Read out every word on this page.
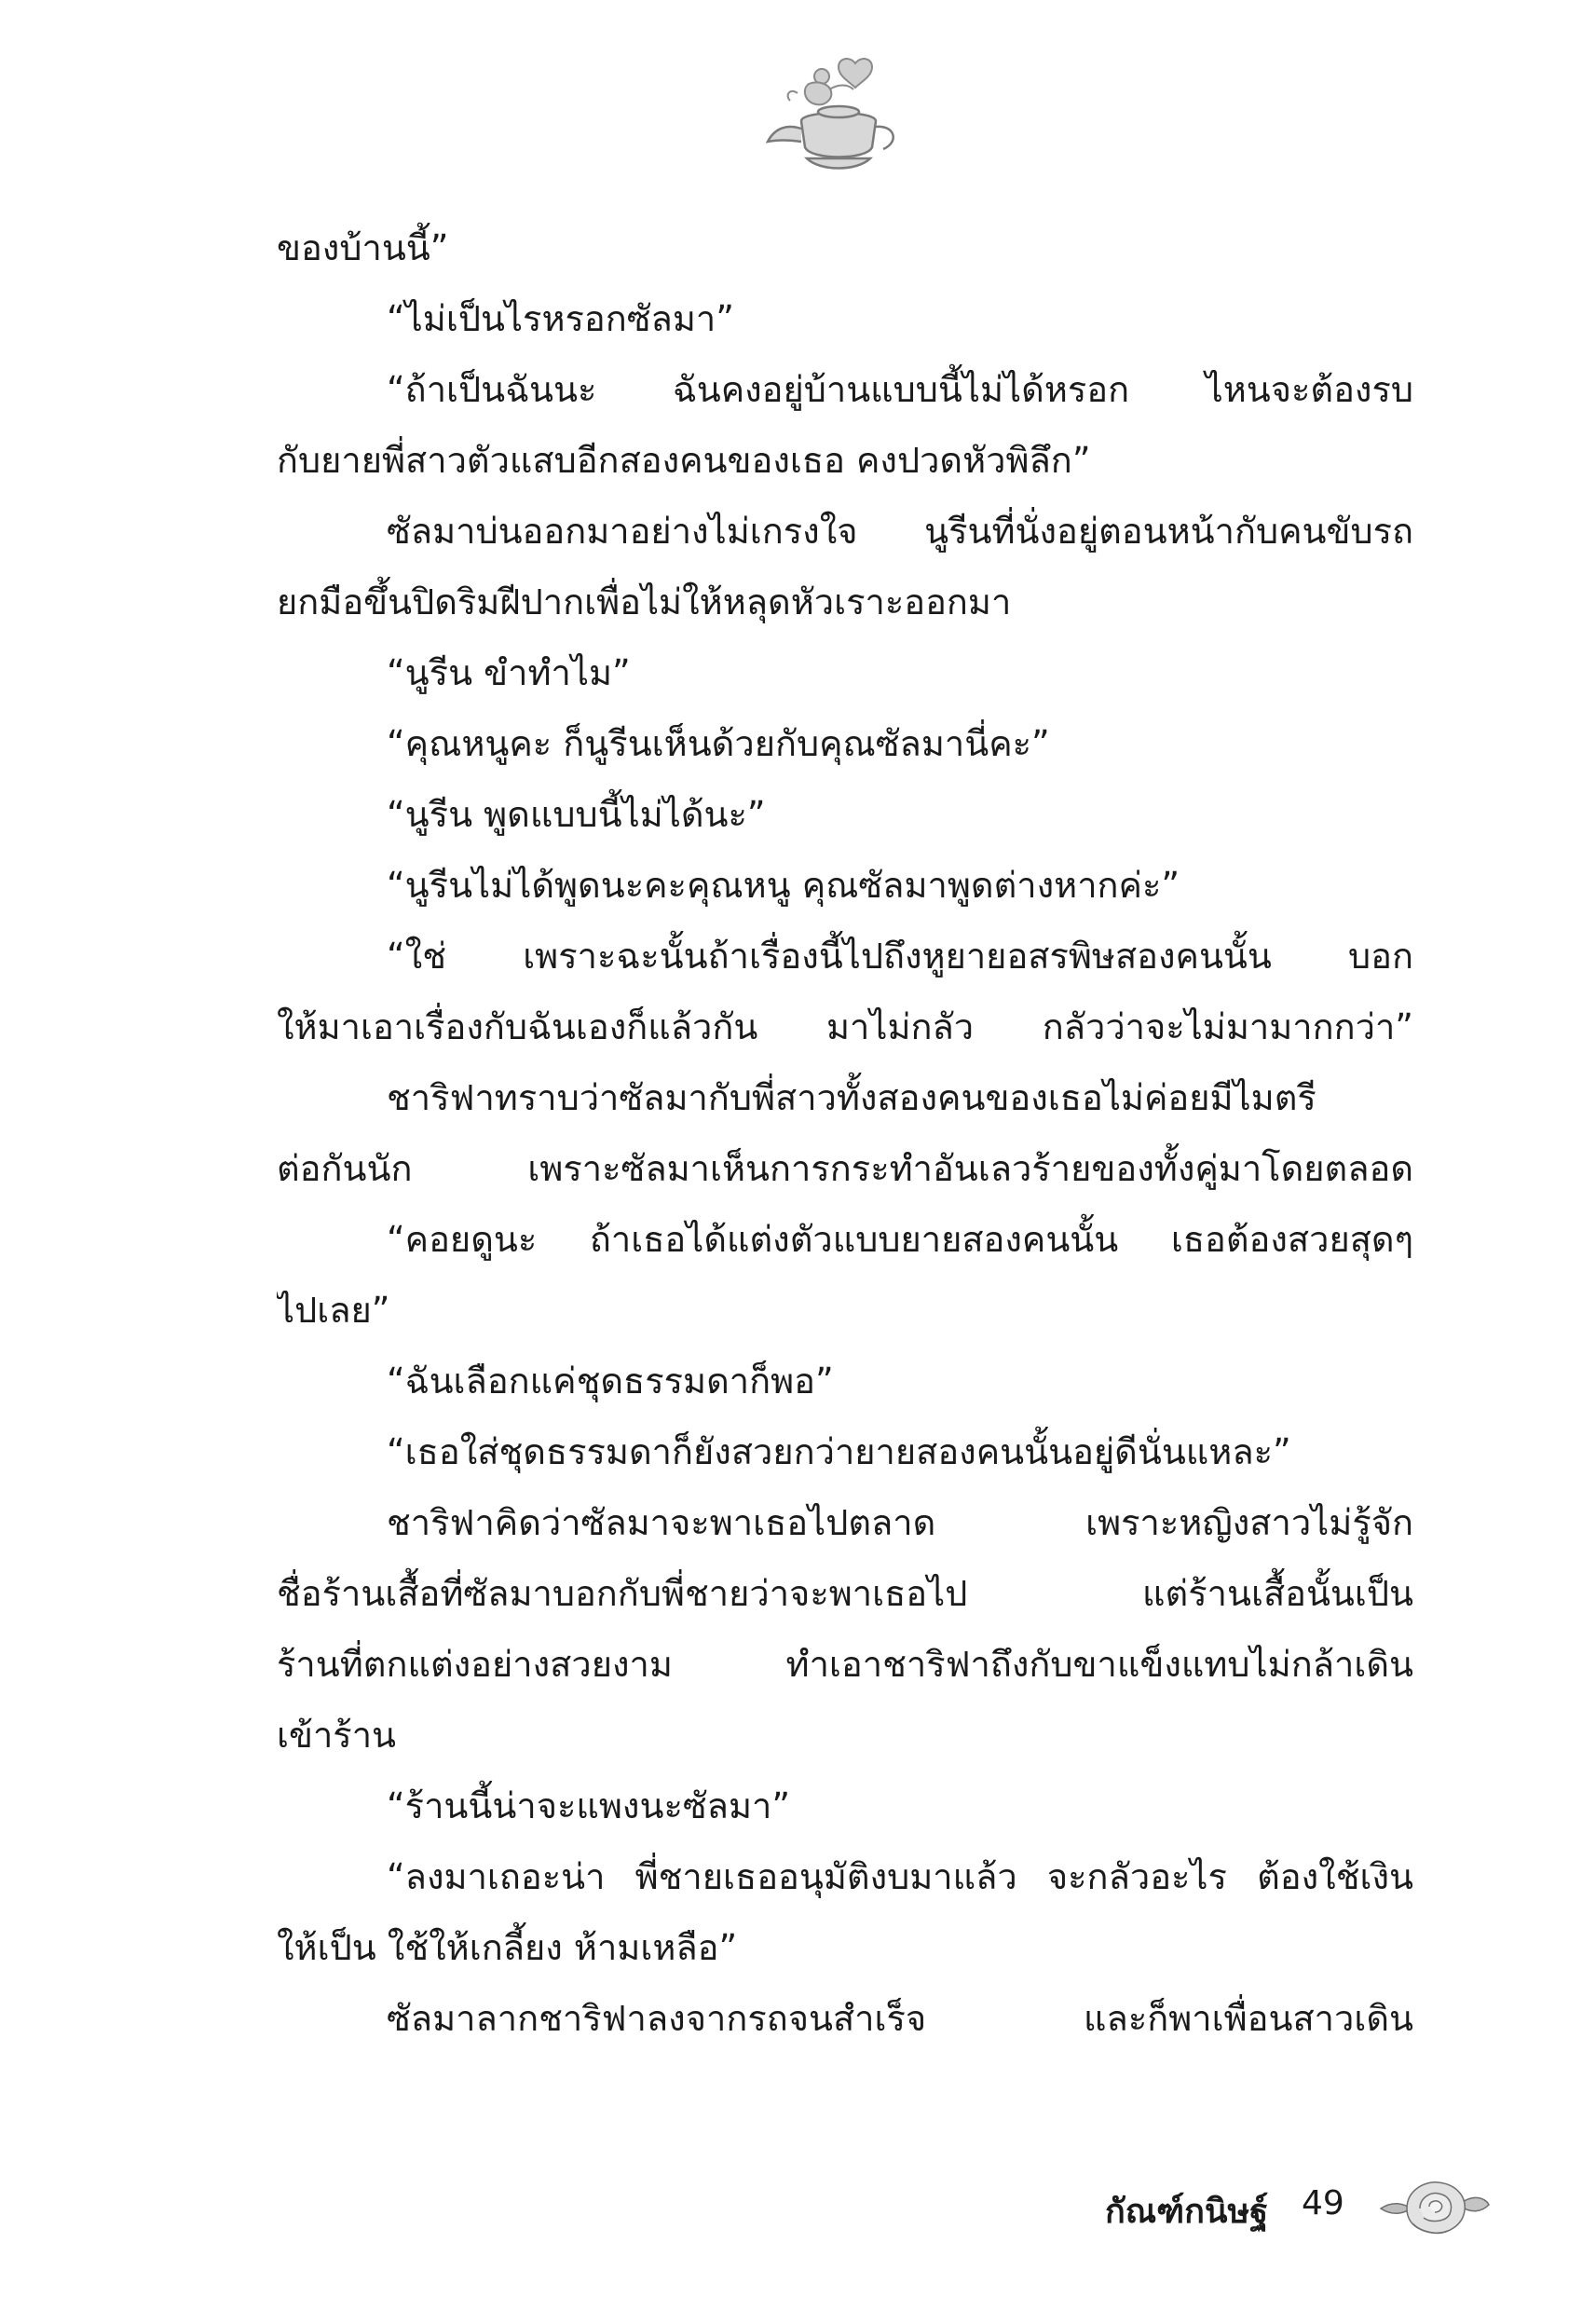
ของบ้านนี้”
“ไม่เป็นไรหรอกซัลมา”
“ถ้าเป็นฉันนะ ฉันคงอยู่บ้านแบบนี้ไม่ได้หรอก ไหนจะต้องรบ
กับยายพี่สาวตัวแสบอีกสองคนของเธอ คงปวดหัวพิลึก”
ซัลมาบ่นออกมาอย่างไม่เกรงใจ นูรีนที่นั่งอยู่ตอนหน้ากับคนขับรถ
ยกมือขึ้นปิดริมฝีปากเพื่อไม่ให้หลุดหัวเราะออกมา
“นูรีน ขำทำไม”
“คุณหนูคะ ก็นูรีนเห็นด้วยกับคุณซัลมานี่คะ”
“นูรีน พูดแบบนี้ไม่ได้นะ”
“นูรีนไม่ได้พูดนะคะคุณหนู คุณซัลมาพูดต่างหากค่ะ”
“ใช่ เพราะฉะนั้นถ้าเรื่องนี้ไปถึงหูยายอสรพิษสองคนนั้น บอก
ให้มาเอาเรื่องกับฉันเองก็แล้วกัน มาไม่กลัว กลัวว่าจะไม่มามากกว่า”
ชาริฟาทราบว่าซัลมากับพี่สาวทั้งสองคนของเธอไม่ค่อยมีไมตรี
ต่อกันนัก เพราะซัลมาเห็นการกระทำอันเลวร้ายของทั้งคู่มาโดยตลอด
“คอยดูนะ ถ้าเธอได้แต่งตัวแบบยายสองคนนั้น เธอต้องสวยสุดๆ
ไปเลย”
“ฉันเลือกแค่ชุดธรรมดาก็พอ”
“เธอใส่ชุดธรรมดาก็ยังสวยกว่ายายสองคนนั้นอยู่ดีนั่นแหละ”
ชาริฟาคิดว่าซัลมาจะพาเธอไปตลาด เพราะหญิงสาวไม่รู้จัก
ชื่อร้านเสื้อที่ซัลมาบอกกับพี่ชายว่าจะพาเธอไป แต่ร้านเสื้อนั้นเป็น
ร้านที่ตกแต่งอย่างสวยงาม ทำเอาชาริฟาถึงกับขาแข็งแทบไม่กล้าเดิน
เข้าร้าน
“ร้านนี้น่าจะแพงนะซัลมา”
“ลงมาเถอะน่า พี่ชายเธออนุมัติงบมาแล้ว จะกลัวอะไร ต้องใช้เงิน
ให้เป็น ใช้ให้เกลี้ยง ห้ามเหลือ”
ซัลมาลากชาริฟาลงจากรถจนสำเร็จ และก็พาเพื่อนสาวเดิน
กัณฑ์กนิษฐ์ 49
